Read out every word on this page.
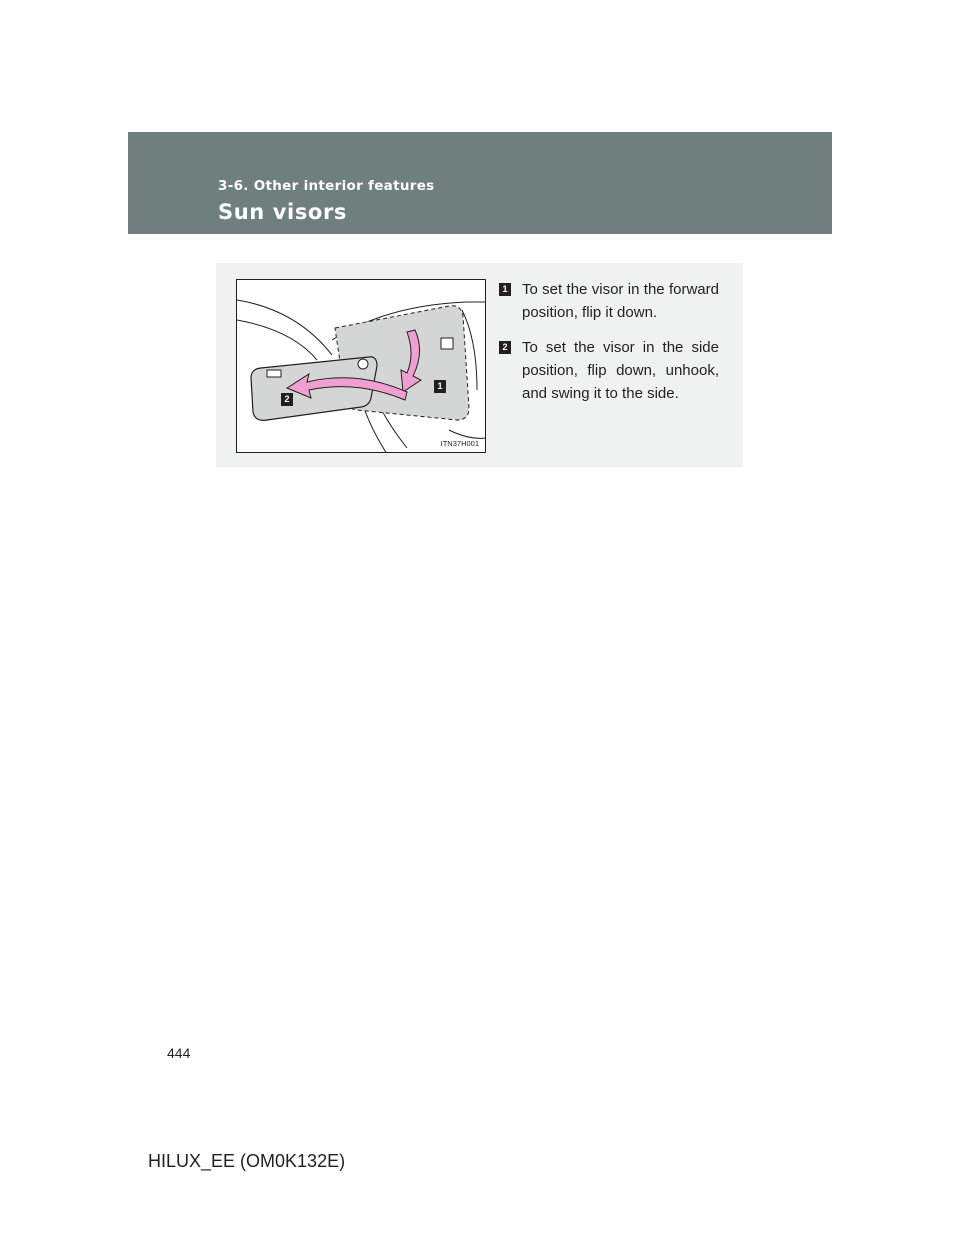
3-6. Other interior features
Sun visors
1
2
ITN37H001
1 To set the visor in the forward position, flip it down.
2 To set the visor in the side position, flip down, unhook, and swing it to the side.
444
HILUX_EE (OM0K132E)
